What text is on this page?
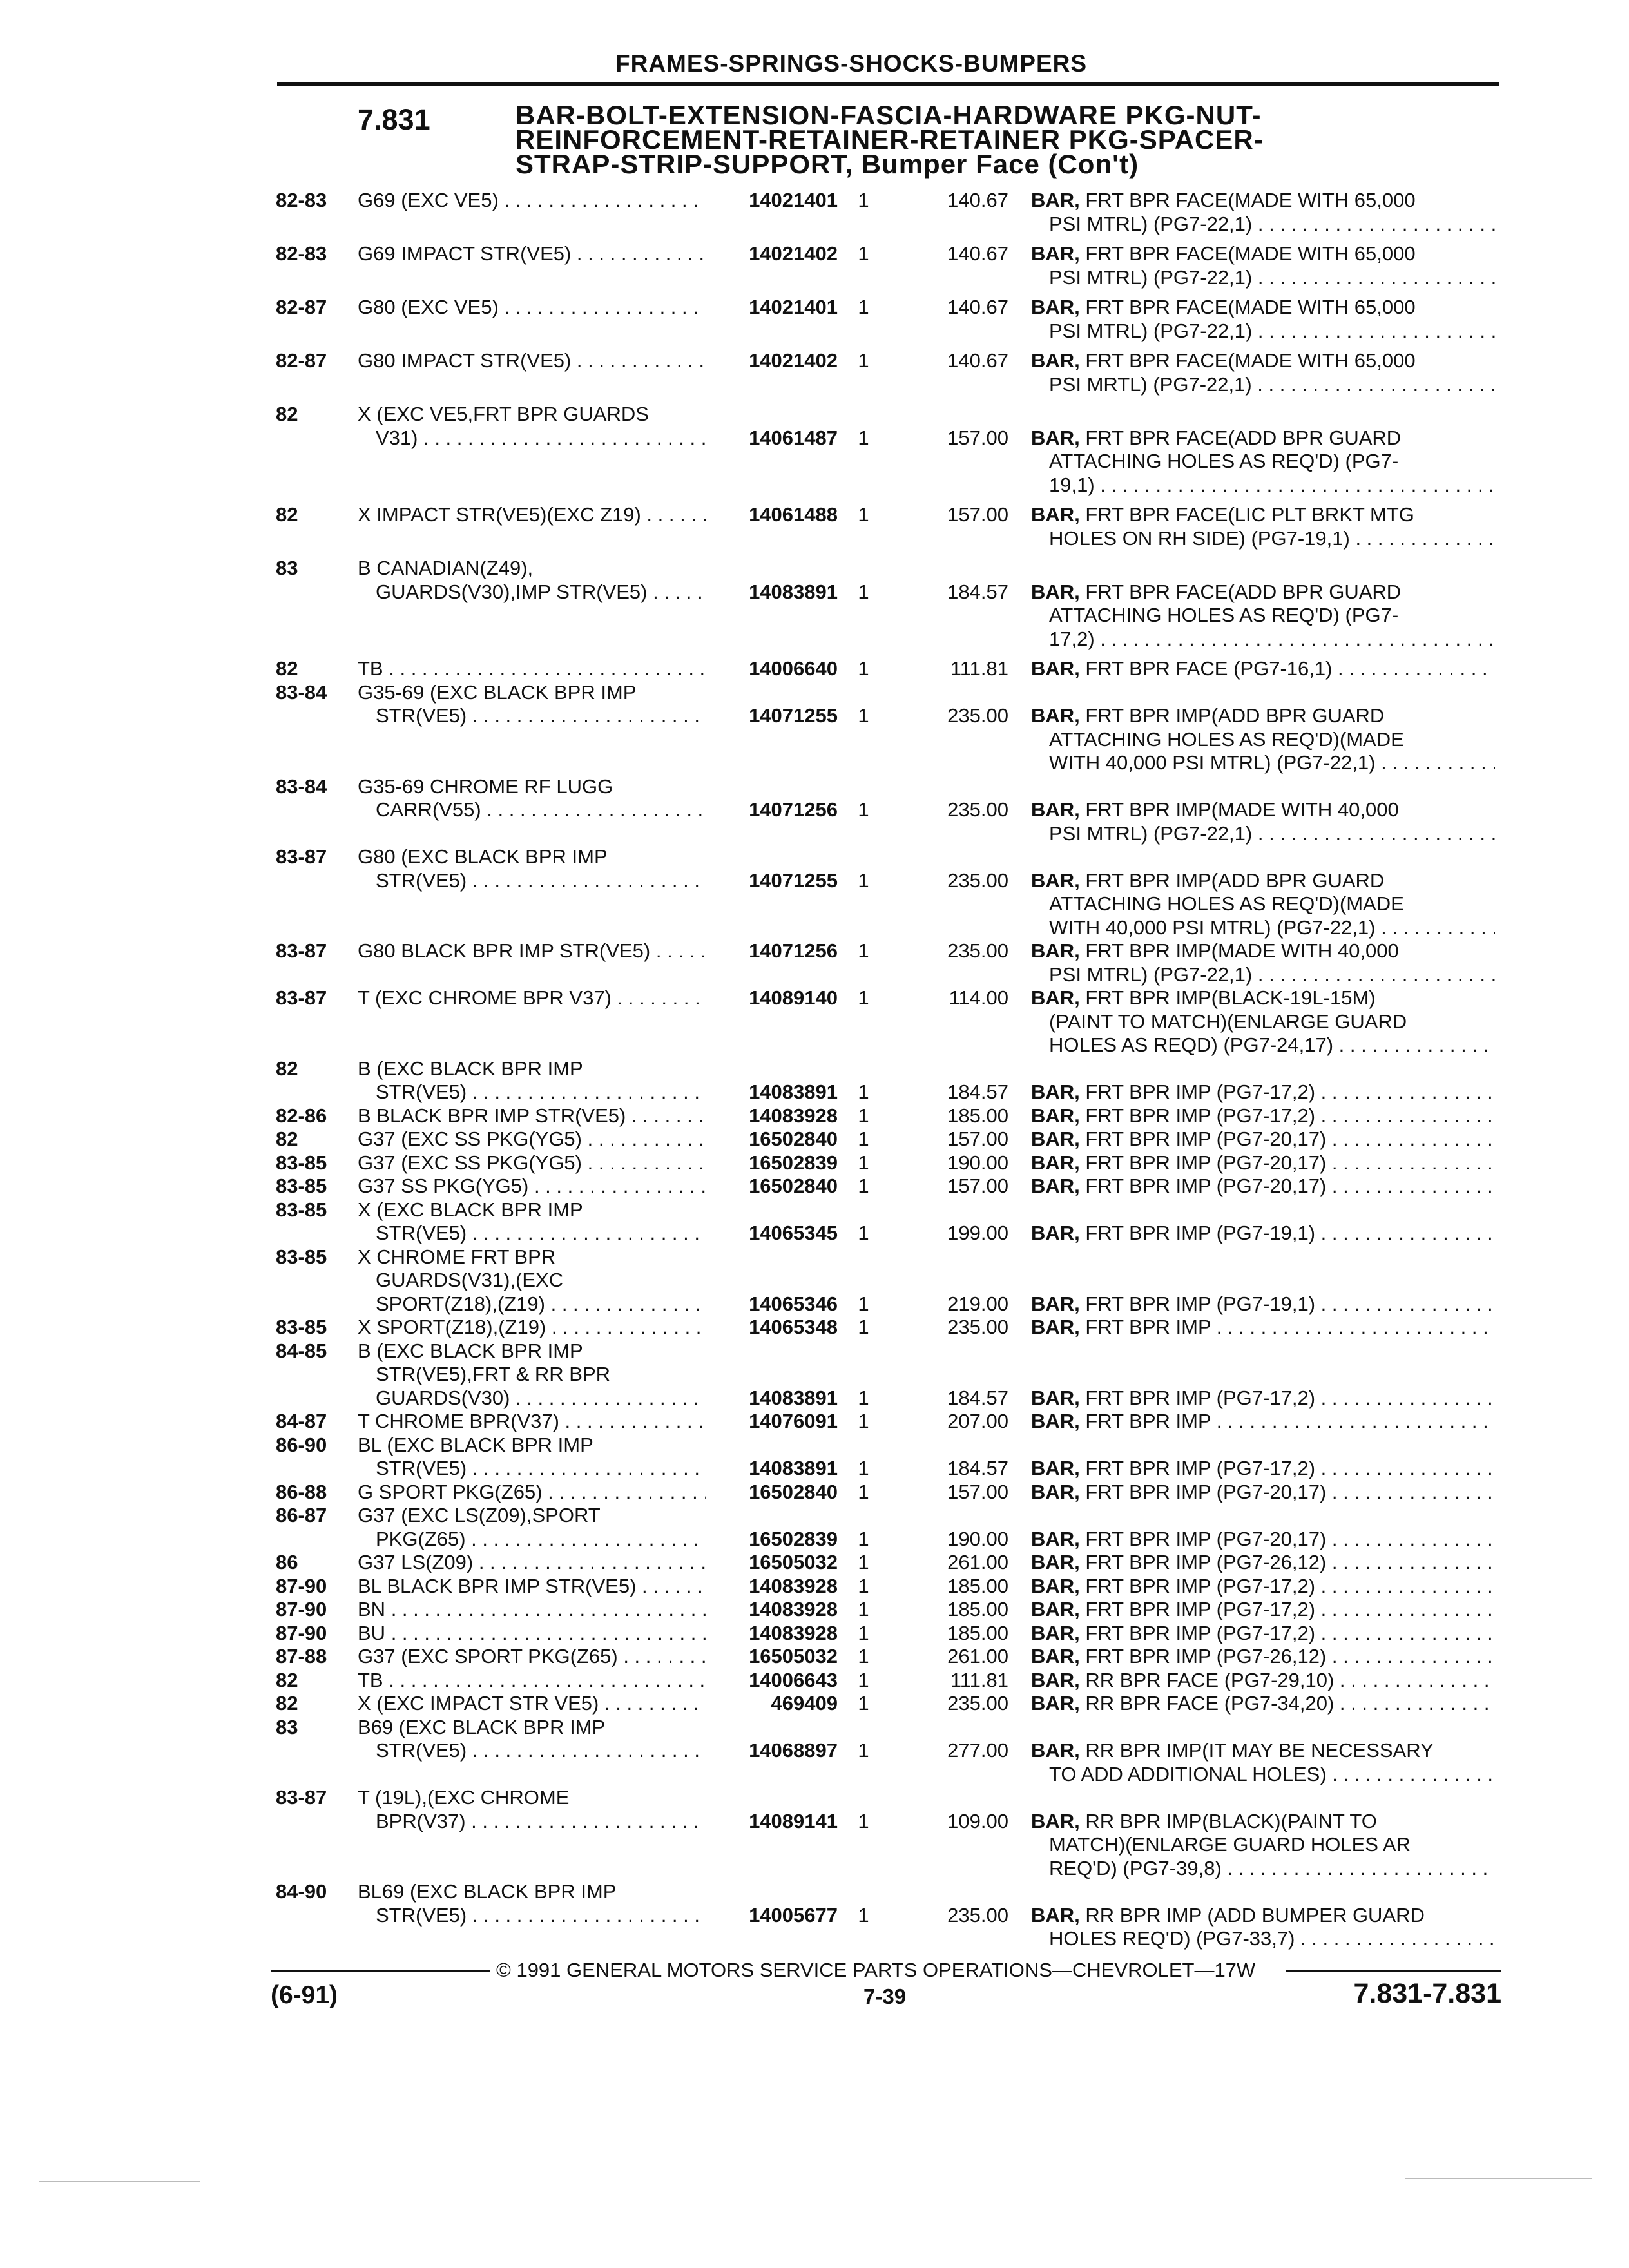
FRAMES-SPRINGS-SHOCKS-BUMPERS
7.831	BAR-BOLT-EXTENSION-FASCIA-HARDWARE PKG-NUT-
REINFORCEMENT-RETAINER-RETAINER PKG-SPACER-
STRAP-STRIP-SUPPORT, Bumper Face (Con't)
82-83	G69 (EXC VE5) . . .	14021401 1	140.67 BAR, FRT BPR FACE(MADE WITH 65,000
PSI MTRL) (PG7-22,1) . . .
82-83	G69 IMPACT STR(VE5) . . .	14021402 1	140.67 BAR, FRT BPR FACE(MADE WITH 65,000
PSI MTRL) (PG7-22,1) . . .
82-87	G80 (EXC VE5) . . .	14021401 1	140.67 BAR, FRT BPR FACE(MADE WITH 65,000
PSI MTRL) (PG7-22,1) . . .
82-87	G80 IMPACT STR(VE5) . . .	14021402 1	140.67 BAR, FRT BPR FACE(MADE WITH 65,000
PSI MRTL) (PG7-22,1) . . .
82	X (EXC VE5,FRT BPR GUARDS
V31) . . .	14061487 1	157.00 BAR, FRT BPR FACE(ADD BPR GUARD
ATTACHING HOLES AS REQ'D) (PG7-
19,1) . . .
82	X IMPACT STR(VE5)(EXC Z19) . . .	14061488 1	157.00 BAR, FRT BPR FACE(LIC PLT BRKT MTG
HOLES ON RH SIDE) (PG7-19,1) . . .
83	B CANADIAN(Z49),
GUARDS(V30),IMP STR(VE5) . . .	14083891 1	184.57 BAR, FRT BPR FACE(ADD BPR GUARD
ATTACHING HOLES AS REQ'D) (PG7-
17,2) . . .
82	TB . . .	14006640 1	111.81 BAR, FRT BPR FACE (PG7-16,1) . . .
83-84	G35-69 (EXC BLACK BPR IMP
STR(VE5) . . .	14071255 1	235.00 BAR, FRT BPR IMP(ADD BPR GUARD
ATTACHING HOLES AS REQ'D)(MADE
WITH 40,000 PSI MTRL) (PG7-22,1) . . .
83-84	G35-69 CHROME RF LUGG
CARR(V55) . . .	14071256 1	235.00 BAR, FRT BPR IMP(MADE WITH 40,000
PSI MTRL) (PG7-22,1) . . .
83-87	G80 (EXC BLACK BPR IMP
STR(VE5) . . .	14071255 1	235.00 BAR, FRT BPR IMP(ADD BPR GUARD
ATTACHING HOLES AS REQ'D)(MADE
WITH 40,000 PSI MTRL) (PG7-22,1) . . .
83-87	G80 BLACK BPR IMP STR(VE5) . . .	14071256 1	235.00 BAR, FRT BPR IMP(MADE WITH 40,000
PSI MTRL) (PG7-22,1) . . .
83-87	T (EXC CHROME BPR V37) . . .	14089140 1	114.00 BAR, FRT BPR IMP(BLACK-19L-15M)
(PAINT TO MATCH)(ENLARGE GUARD
HOLES AS REQD) (PG7-24,17) . . .
82	B (EXC BLACK BPR IMP
STR(VE5) . . .	14083891 1	184.57 BAR, FRT BPR IMP (PG7-17,2) . . .
82-86	B BLACK BPR IMP STR(VE5) . . .	14083928 1	185.00 BAR, FRT BPR IMP (PG7-17,2) . . .
82	G37 (EXC SS PKG(YG5) . . .	16502840 1	157.00 BAR, FRT BPR IMP (PG7-20,17) . . .
83-85	G37 (EXC SS PKG(YG5) . . .	16502839 1	190.00 BAR, FRT BPR IMP (PG7-20,17) . . .
83-85	G37 SS PKG(YG5) . . .	16502840 1	157.00 BAR, FRT BPR IMP (PG7-20,17) . . .
83-85	X (EXC BLACK BPR IMP
STR(VE5) . . .	14065345 1	199.00 BAR, FRT BPR IMP (PG7-19,1) . . .
83-85	X CHROME FRT BPR
GUARDS(V31),(EXC
SPORT(Z18),(Z19) . . .	14065346 1	219.00 BAR, FRT BPR IMP (PG7-19,1) . . .
83-85	X SPORT(Z18),(Z19) . . .	14065348 1	235.00 BAR, FRT BPR IMP . . .
84-85	B (EXC BLACK BPR IMP
STR(VE5),FRT & RR BPR
GUARDS(V30) . . .	14083891 1	184.57 BAR, FRT BPR IMP (PG7-17,2) . . .
84-87	T CHROME BPR(V37) . . .	14076091 1	207.00 BAR, FRT BPR IMP . . .
86-90	BL (EXC BLACK BPR IMP
STR(VE5) . . .	14083891 1	184.57 BAR, FRT BPR IMP (PG7-17,2) . . .
86-88	G SPORT PKG(Z65) . . .	16502840 1	157.00 BAR, FRT BPR IMP (PG7-20,17) . . .
86-87	G37 (EXC LS(Z09),SPORT
PKG(Z65) . . .	16502839 1	190.00 BAR, FRT BPR IMP (PG7-20,17) . . .
86	G37 LS(Z09) . . .	16505032 1	261.00 BAR, FRT BPR IMP (PG7-26,12) . . .
87-90	BL BLACK BPR IMP STR(VE5) . . .	14083928 1	185.00 BAR, FRT BPR IMP (PG7-17,2) . . .
87-90	BN . . .	14083928 1	185.00 BAR, FRT BPR IMP (PG7-17,2) . . .
87-90	BU . . .	14083928 1	185.00 BAR, FRT BPR IMP (PG7-17,2) . . .
87-88	G37 (EXC SPORT PKG(Z65) . . .	16505032 1	261.00 BAR, FRT BPR IMP (PG7-26,12) . . .
82	TB . . .	14006643 1	111.81 BAR, RR BPR FACE (PG7-29,10) . . .
82	X (EXC IMPACT STR VE5) . . .	469409 1	235.00 BAR, RR BPR FACE (PG7-34,20) . . .
83	B69 (EXC BLACK BPR IMP
STR(VE5) . . .	14068897 1	277.00 BAR, RR BPR IMP(IT MAY BE NECESSARY
TO ADD ADDITIONAL HOLES) . . .
83-87	T (19L),(EXC CHROME
BPR(V37) . . .	14089141 1	109.00 BAR, RR BPR IMP(BLACK)(PAINT TO
MATCH)(ENLARGE GUARD HOLES AR
REQ'D) (PG7-39,8) . . .
84-90	BL69 (EXC BLACK BPR IMP
STR(VE5) . . .	14005677 1	235.00 BAR, RR BPR IMP (ADD BUMPER GUARD
HOLES REQ'D) (PG7-33,7) . . .
© 1991 GENERAL MOTORS SERVICE PARTS OPERATIONS—CHEVROLET—17W
(6-91)	7-39	7.831-7.831
